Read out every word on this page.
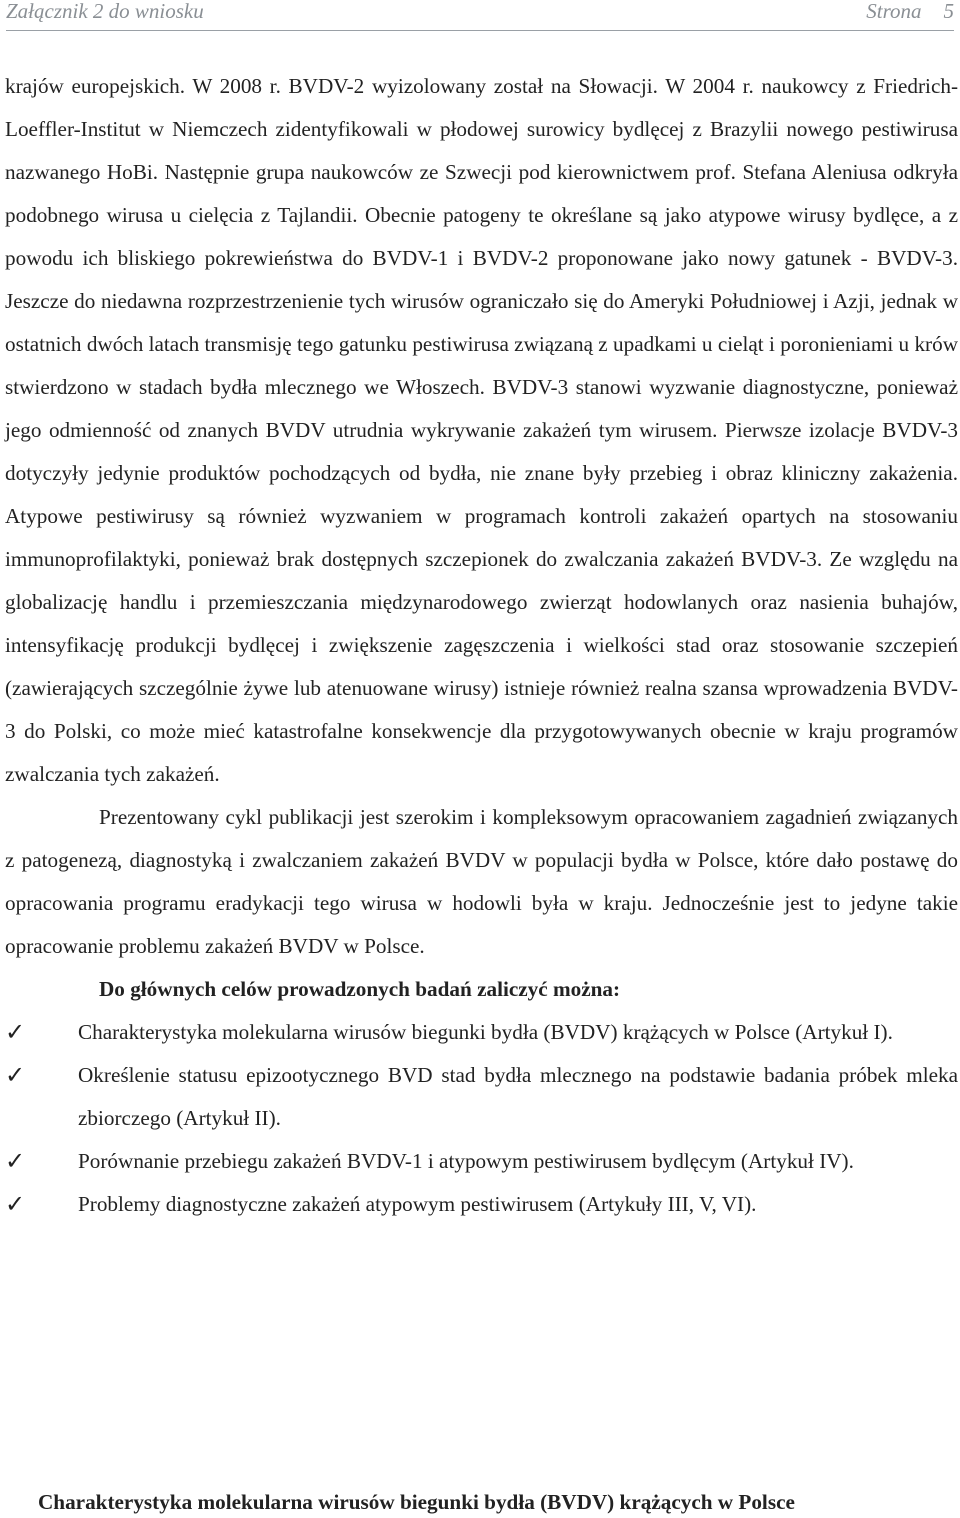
Załącznik 2 do wniosku	Strona 5

krajów europejskich. W 2008 r. BVDV-2 wyizolowany został na Słowacji. W 2004 r. naukowcy z Friedrich-Loeffler-Institut w Niemczech zidentyfikowali w płodowej surowicy bydlęcej z Brazylii nowego pestiwirusa nazwanego HoBi. Następnie grupa naukowców ze Szwecji pod kierownictwem prof. Stefana Aleniusa odkryła podobnego wirusa u cielęcia z Tajlandii. Obecnie patogeny te określane są jako atypowe wirusy bydlęce, a z powodu ich bliskiego pokrewieństwa do BVDV-1 i BVDV-2 proponowane jako nowy gatunek - BVDV-3. Jeszcze do niedawna rozprzestrzenienie tych wirusów ograniczało się do Ameryki Południowej i Azji, jednak w ostatnich dwóch latach transmisję tego gatunku pestiwirusa związaną z upadkami u cieląt i poronieniami u krów stwierdzono w stadach bydła mlecznego we Włoszech. BVDV-3 stanowi wyzwanie diagnostyczne, ponieważ jego odmienność od znanych BVDV utrudnia wykrywanie zakażeń tym wirusem. Pierwsze izolacje BVDV-3 dotyczyły jedynie produktów pochodzących od bydła, nie znane były przebieg i obraz kliniczny zakażenia. Atypowe pestiwirusy są również wyzwaniem w programach kontroli zakażeń opartych na stosowaniu immunoprofilaktyki, ponieważ brak dostępnych szczepionek do zwalczania zakażeń BVDV-3. Ze względu na globalizację handlu i przemieszczania międzynarodowego zwierząt hodowlanych oraz nasienia buhajów, intensyfikację produkcji bydlęcej i zwiększenie zagęszczenia i wielkości stad oraz stosowanie szczepień (zawierających szczególnie żywe lub atenuowane wirusy) istnieje również realna szansa wprowadzenia BVDV-3 do Polski, co może mieć katastrofalne konsekwencje dla przygotowywanych obecnie w kraju programów zwalczania tych zakażeń.

Prezentowany cykl publikacji jest szerokim i kompleksowym opracowaniem zagadnień związanych z patogenezą, diagnostyką i zwalczaniem zakażeń BVDV w populacji bydła w Polsce, które dało postawę do opracowania programu eradykacji tego wirusa w hodowli była w kraju. Jednocześnie jest to jedyne takie opracowanie problemu zakażeń BVDV w Polsce.

Do głównych celów prowadzonych badań zaliczyć można:

✓ Charakterystyka molekularna wirusów biegunki bydła (BVDV) krążących w Polsce (Artykuł I).
✓ Określenie statusu epizootycznego BVD stad bydła mlecznego na podstawie badania próbek mleka zbiorczego (Artykuł II).
✓ Porównanie przebiegu zakażeń BVDV-1 i atypowym pestiwirusem bydlęcym (Artykuł IV).
✓ Problemy diagnostyczne zakażeń atypowym pestiwirusem (Artykuły III, V, VI).
Charakterystyka molekularna wirusów biegunki bydła (BVDV) krążących w Polsce
